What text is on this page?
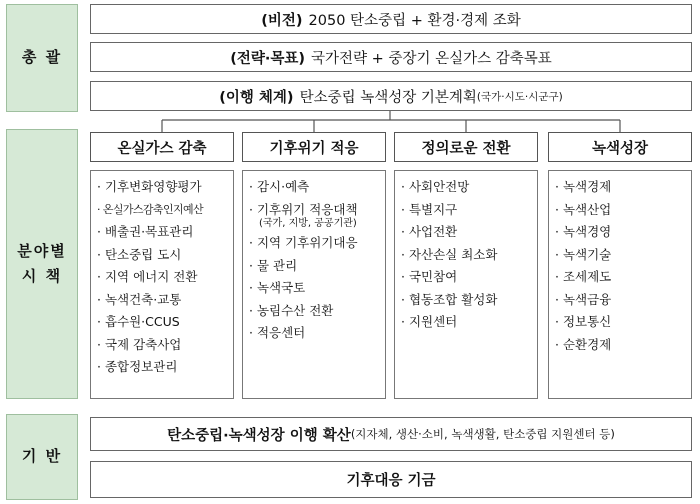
총 괄
분야별
시 책
기 반
(비전) 2050 탄소중립 + 환경·경제 조화
(전략·목표) 국가전략 + 중장기 온실가스 감축목표
(이행 체계) 탄소중립 녹색성장 기본계획 (국가·시도·시군구)
온실가스 감축	기후위기 적응	정의로운 전환	녹색성장
· 기후변화영향평가
· 온실가스감축인지예산
· 배출권·목표관리
· 탄소중립 도시
· 지역 에너지 전환
· 녹색건축·교통
· 흡수원·CCUS
· 국제 감축사업
· 종합정보관리
· 감시·예측
· 기후위기 적응대책
(국가, 지방, 공공기관)
· 지역 기후위기대응
· 물 관리
· 녹색국토
· 농림수산 전환
· 적응센터
· 사회안전망
· 특별지구
· 사업전환
· 자산손실 최소화
· 국민참여
· 협동조합 활성화
· 지원센터
· 녹색경제
· 녹색산업
· 녹색경영
· 녹색기술
· 조세제도
· 녹색금융
· 정보통신
· 순환경제
탄소중립·녹색성장 이행 확산 (지자체, 생산·소비, 녹색생활, 탄소중립 지원센터 등)
기후대응 기금
